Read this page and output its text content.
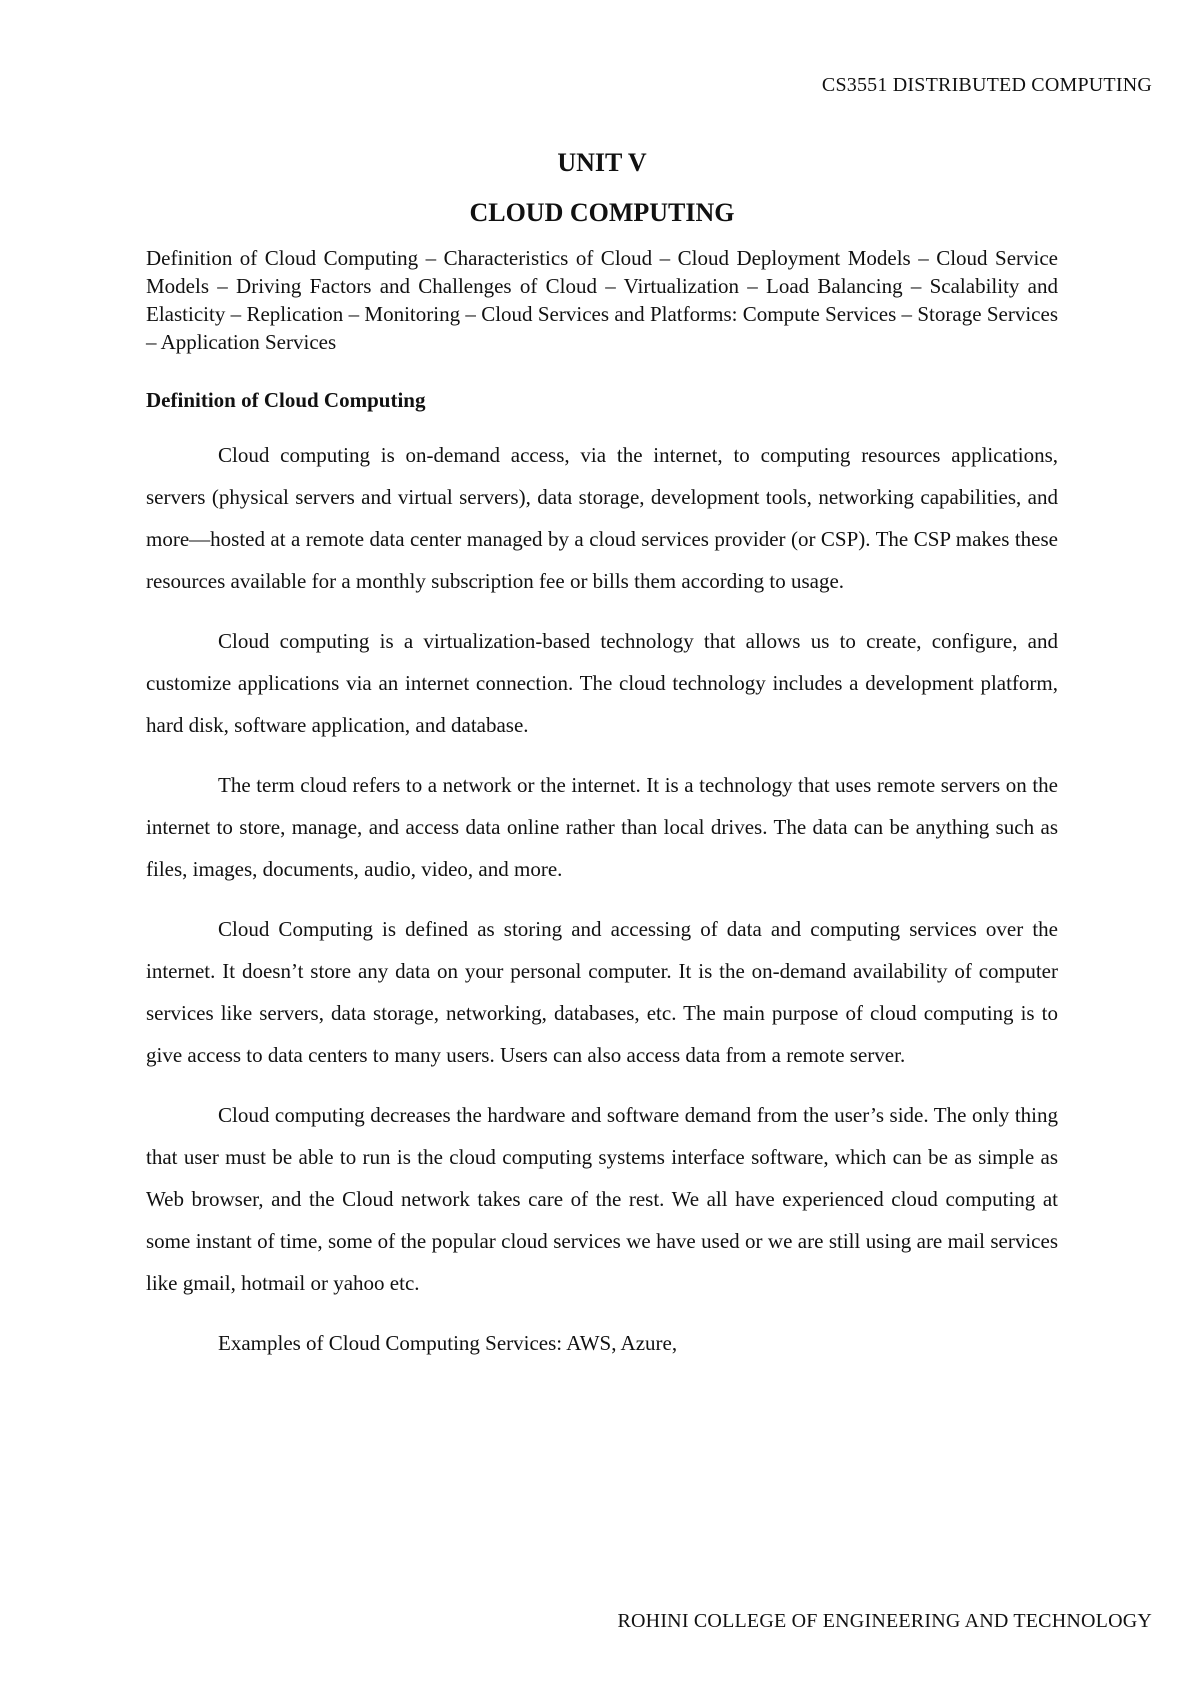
CS3551 DISTRIBUTED COMPUTING
UNIT V
CLOUD COMPUTING

Definition of Cloud Computing – Characteristics of Cloud – Cloud Deployment Models – Cloud Service Models – Driving Factors and Challenges of Cloud – Virtualization – Load Balancing – Scalability and Elasticity – Replication – Monitoring – Cloud Services and Platforms: Compute Services – Storage Services – Application Services

Definition of Cloud Computing

Cloud computing is on-demand access, via the internet, to computing resources applications, servers (physical servers and virtual servers), data storage, development tools, networking capabilities, and more—hosted at a remote data center managed by a cloud services provider (or CSP). The CSP makes these resources available for a monthly subscription fee or bills them according to usage.

Cloud computing is a virtualization-based technology that allows us to create, configure, and customize applications via an internet connection. The cloud technology includes a development platform, hard disk, software application, and database.

The term cloud refers to a network or the internet. It is a technology that uses remote servers on the internet to store, manage, and access data online rather than local drives. The data can be anything such as files, images, documents, audio, video, and more.

Cloud Computing is defined as storing and accessing of data and computing services over the internet. It doesn’t store any data on your personal computer. It is the on-demand availability of computer services like servers, data storage, networking, databases, etc. The main purpose of cloud computing is to give access to data centers to many users. Users can also access data from a remote server.

Cloud computing decreases the hardware and software demand from the user’s side. The only thing that user must be able to run is the cloud computing systems interface software, which can be as simple as Web browser, and the Cloud network takes care of the rest. We all have experienced cloud computing at some instant of time, some of the popular cloud services we have used or we are still using are mail services like gmail, hotmail or yahoo etc.

Examples of Cloud Computing Services: AWS, Azure,

ROHINI COLLEGE OF ENGINEERING AND TECHNOLOGY
